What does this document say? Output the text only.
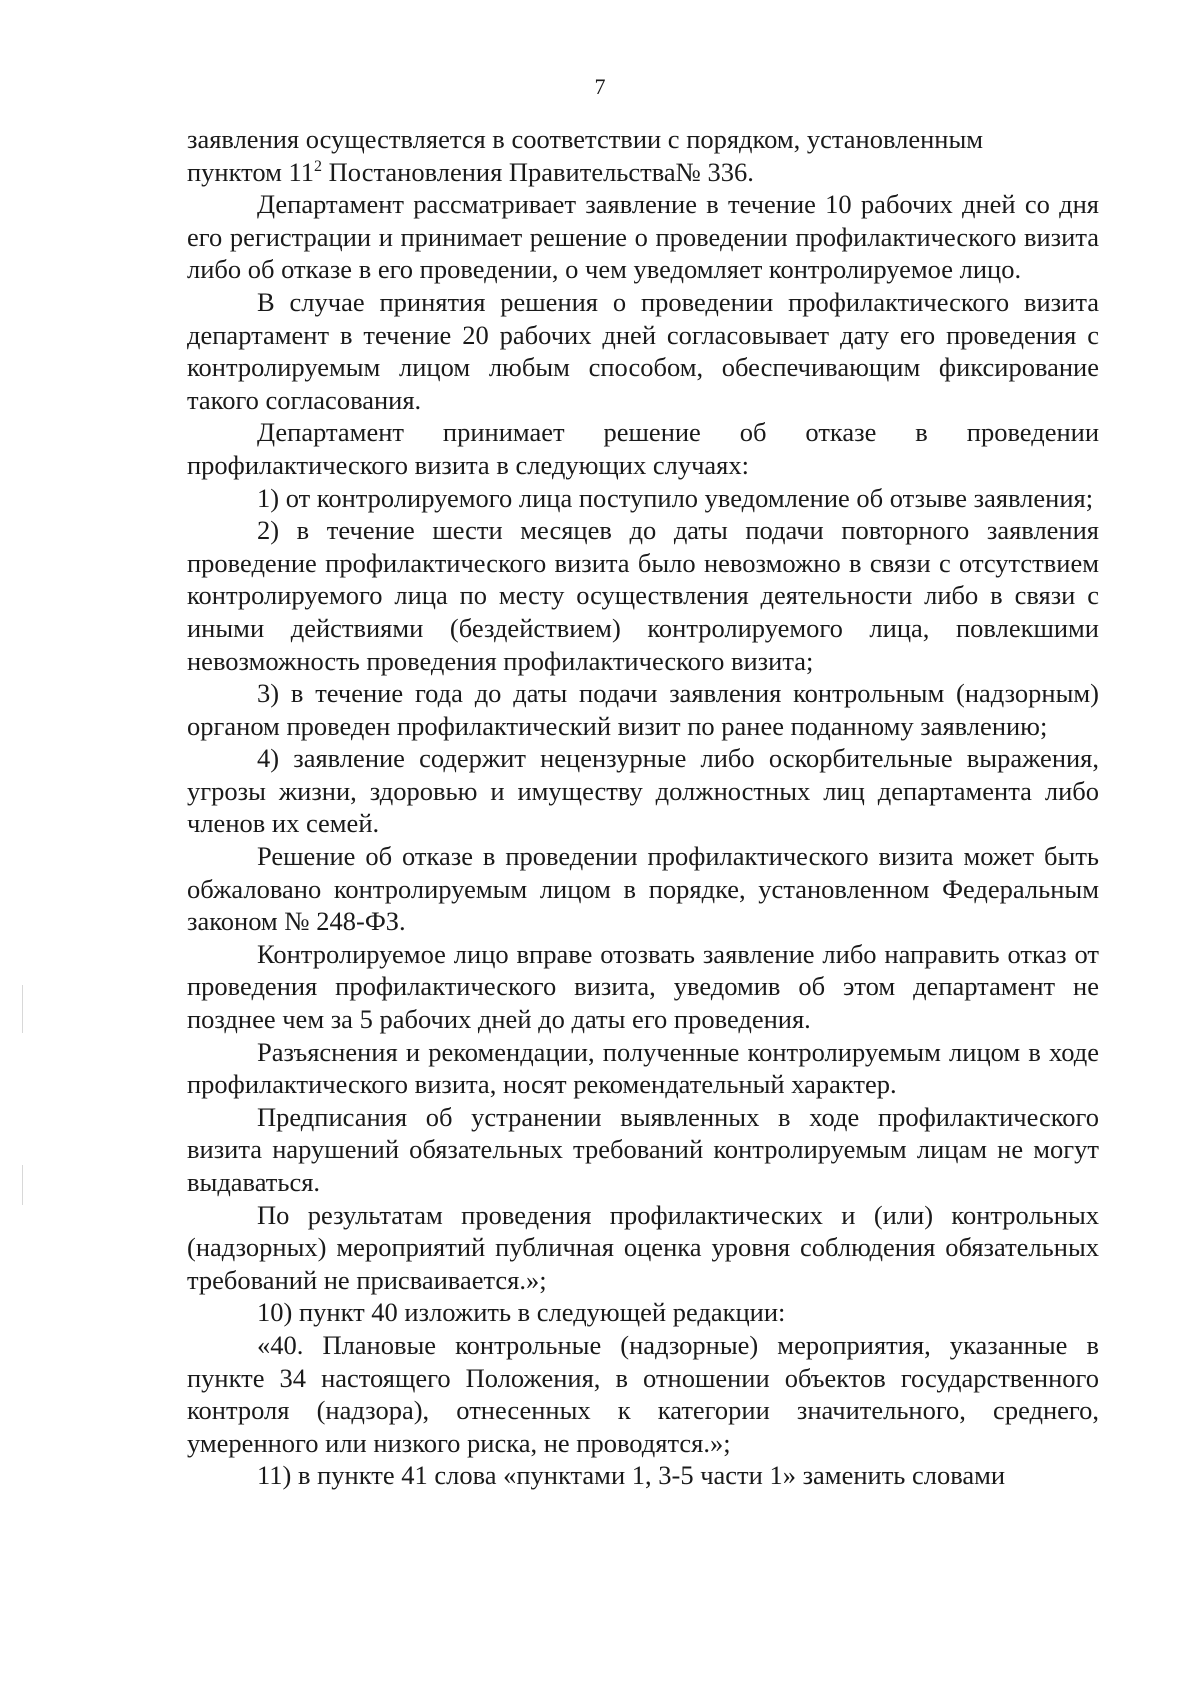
7

заявления осуществляется в соответствии с порядком, установленным

пунктом $11^2$ Постановления Правительства№ 336.

Департамент рассматривает заявление в течение 10 рабочих дней со дня его регистрации и принимает решение о проведении профилактического визита либо об отказе в его проведении, о чем уведомляет контролируемое лицо.

В случае принятия решения о проведении профилактического визита департамент в течение 20 рабочих дней согласовывает дату его проведения с контролируемым лицом любым способом, обеспечивающим фиксирование такого согласования.

Департамент принимает решение об отказе в проведении профилактического визита в следующих случаях:

1) от контролируемого лица поступило уведомление об отзыве заявления;

2) в течение шести месяцев до даты подачи повторного заявления проведение профилактического визита было невозможно в связи с отсутствием контролируемого лица по месту осуществления деятельности либо в связи с иными действиями (бездействием) контролируемого лица, повлекшими невозможность проведения профилактического визита;

3) в течение года до даты подачи заявления контрольным (надзорным) органом проведен профилактический визит по ранее поданному заявлению;

4) заявление содержит нецензурные либо оскорбительные выражения, угрозы жизни, здоровью и имуществу должностных лиц департамента либо членов их семей.

Решение об отказе в проведении профилактического визита может быть обжаловано контролируемым лицом в порядке, установленном Федеральным законом № 248-ФЗ.

Контролируемое лицо вправе отозвать заявление либо направить отказ от проведения профилактического визита, уведомив об этом департамент не позднее чем за 5 рабочих дней до даты его проведения.

Разъяснения и рекомендации, полученные контролируемым лицом в ходе профилактического визита, носят рекомендательный характер.

Предписания об устранении выявленных в ходе профилактического визита нарушений обязательных требований контролируемым лицам не могут выдаваться.

По результатам проведения профилактических и (или) контрольных (надзорных) мероприятий публичная оценка уровня соблюдения обязательных требований не присваивается.»;

10) пункт 40 изложить в следующей редакции:

«40. Плановые контрольные (надзорные) мероприятия, указанные в пункте 34 настоящего Положения, в отношении объектов государственного контроля (надзора), отнесенных к категории значительного, среднего, умеренного или низкого риска, не проводятся.»;

11) в пункте 41 слова «пунктами 1, 3-5 части 1» заменить словами
